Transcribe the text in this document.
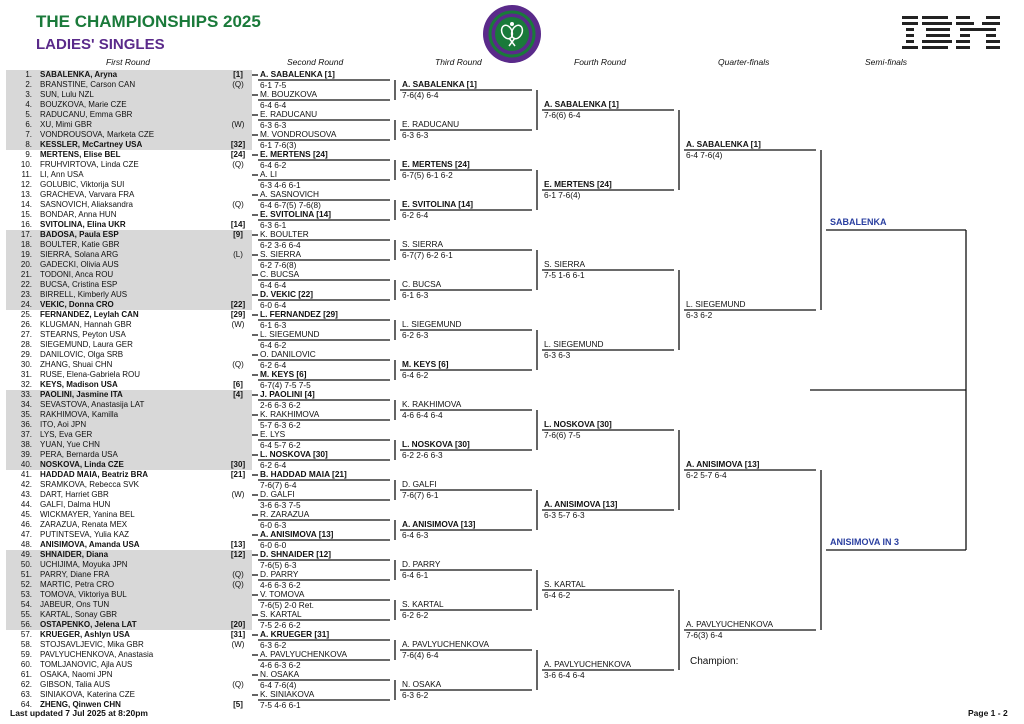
THE CHAMPIONSHIPS 2025
LADIES' SINGLES
First Round	Second Round	Third Round	Fourth Round	Quarter-finals	Semi-finals
1. SABALENKA, Aryna	[1]
2. BRANSTINE, Carson CAN	(Q)
3. SUN, Lulu NZL
4. BOUZKOVA, Marie CZE
5. RADUCANU, Emma GBR
6. XU, Mimi GBR	(W)
7. VONDROUSOVA, Marketa CZE
8. KESSLER, McCartney USA	[32]
9. MERTENS, Elise BEL	[24]
10. FRUHVIRTOVA, Linda CZE	(Q)
11. LI, Ann USA
12. GOLUBIC, Viktorija SUI
13. GRACHEVA, Varvara FRA
14. SASNOVICH, Aliaksandra	(Q)
15. BONDAR, Anna HUN
16. SVITOLINA, Elina UKR	[14]
17. BADOSA, Paula ESP	[9]
18. BOULTER, Katie GBR
19. SIERRA, Solana ARG	(L)
20. GADECKI, Olivia AUS
21. TODONI, Anca ROU
22. BUCSA, Cristina ESP
23. BIRRELL, Kimberly AUS
24. VEKIC, Donna CRO	[22]
25. FERNANDEZ, Leylah CAN	[29]
26. KLUGMAN, Hannah GBR	(W)
27. STEARNS, Peyton USA
28. SIEGEMUND, Laura GER
29. DANILOVIC, Olga SRB
30. ZHANG, Shuai CHN	(Q)
31. RUSE, Elena-Gabriela ROU
32. KEYS, Madison USA	[6]
33. PAOLINI, Jasmine ITA	[4]
34. SEVASTOVA, Anastasija LAT
35. RAKHIMOVA, Kamilla
36. ITO, Aoi JPN
37. LYS, Eva GER
38. YUAN, Yue CHN
39. PERA, Bernarda USA
40. NOSKOVA, Linda CZE	[30]
41. HADDAD MAIA, Beatriz BRA	[21]
42. SRAMKOVA, Rebecca SVK
43. DART, Harriet GBR	(W)
44. GALFI, Dalma HUN
45. WICKMAYER, Yanina BEL
46. ZARAZUA, Renata MEX
47. PUTINTSEVA, Yulia KAZ
48. ANISIMOVA, Amanda USA	[13]
49. SHNAIDER, Diana	[12]
50. UCHIJIMA, Moyuka JPN
51. PARRY, Diane FRA	(Q)
52. MARTIC, Petra CRO	(Q)
53. TOMOVA, Viktoriya BUL
54. JABEUR, Ons TUN
55. KARTAL, Sonay GBR
56. OSTAPENKO, Jelena LAT	[20]
57. KRUEGER, Ashlyn USA	[31]
58. STOJSAVLJEVIC, Mika GBR	(W)
59. PAVLYUCHENKOVA, Anastasia
60. TOMLJANOVIC, Ajla AUS
61. OSAKA, Naomi JPN
62. GIBSON, Talia AUS	(Q)
63. SINIAKOVA, Katerina CZE
64. ZHENG, Qinwen CHN	[5]
A. SABALENKA [1]
6-1 7-5
M. BOUZKOVA
6-4 6-4
E. RADUCANU
6-3 6-3
M. VONDROUSOVA
6-1 7-6(3)
E. MERTENS [24]
6-4 6-2
A. LI
6-3 4-6 6-1
A. SASNOVICH
6-4 6-7(5) 7-6(8)
E. SVITOLINA [14]
6-3 6-1
K. BOULTER
6-2 3-6 6-4
S. SIERRA
6-2 7-6(8)
C. BUCSA
6-4 6-4
D. VEKIC [22]
6-0 6-4
L. FERNANDEZ [29]
6-1 6-3
L. SIEGEMUND
6-4 6-2
O. DANILOVIC
6-2 6-4
M. KEYS [6]
6-7(4) 7-5 7-5
J. PAOLINI [4]
2-6 6-3 6-2
K. RAKHIMOVA
5-7 6-3 6-2
E. LYS
6-4 5-7 6-2
L. NOSKOVA [30]
6-2 6-4
B. HADDAD MAIA [21]
7-6(7) 6-4
D. GALFI
3-6 6-3 7-5
R. ZARAZUA
6-0 6-3
A. ANISIMOVA [13]
6-0 6-0
D. SHNAIDER [12]
7-6(5) 6-3
D. PARRY
4-6 6-3 6-2
V. TOMOVA
7-6(5) 2-0 Ret.
S. KARTAL
7-5 2-6 6-2
A. KRUEGER [31]
6-3 6-2
A. PAVLYUCHENKOVA
4-6 6-3 6-2
N. OSAKA
6-4 7-6(4)
K. SINIAKOVA
7-5 4-6 6-1
A. SABALENKA [1]
7-6(4) 6-4
E. RADUCANU
6-3 6-3
E. MERTENS [24]
6-7(5) 6-1 6-2
E. SVITOLINA [14]
6-2 6-4
S. SIERRA
6-7(7) 6-2 6-1
C. BUCSA
6-1 6-3
L. SIEGEMUND
6-2 6-3
M. KEYS [6]
6-4 6-2
K. RAKHIMOVA
4-6 6-4 6-4
L. NOSKOVA [30]
6-2 2-6 6-3
D. GALFI
7-6(7) 6-1
A. ANISIMOVA [13]
6-4 6-3
D. PARRY
6-4 6-1
S. KARTAL
6-2 6-2
A. PAVLYUCHENKOVA
7-6(4) 6-4
N. OSAKA
6-3 6-2
A. SABALENKA [1]
7-6(6) 6-4
E. MERTENS [24]
6-1 7-6(4)
S. SIERRA
7-5 1-6 6-1
L. SIEGEMUND
6-3 6-3
L. NOSKOVA [30]
7-6(6) 7-5
A. ANISIMOVA [13]
6-3 5-7 6-3
S. KARTAL
6-4 6-2
A. PAVLYUCHENKOVA
3-6 6-4 6-4
A. SABALENKA [1]
6-4 7-6(4)
L. SIEGEMUND
6-3 6-2
A. ANISIMOVA [13]
6-2 5-7 6-4
A. PAVLYUCHENKOVA
7-6(3) 6-4
SABALENKA
ANISIMOVA IN 3
Champion:
Last updated 7 Jul 2025 at 8:20pm	Page 1 - 2
